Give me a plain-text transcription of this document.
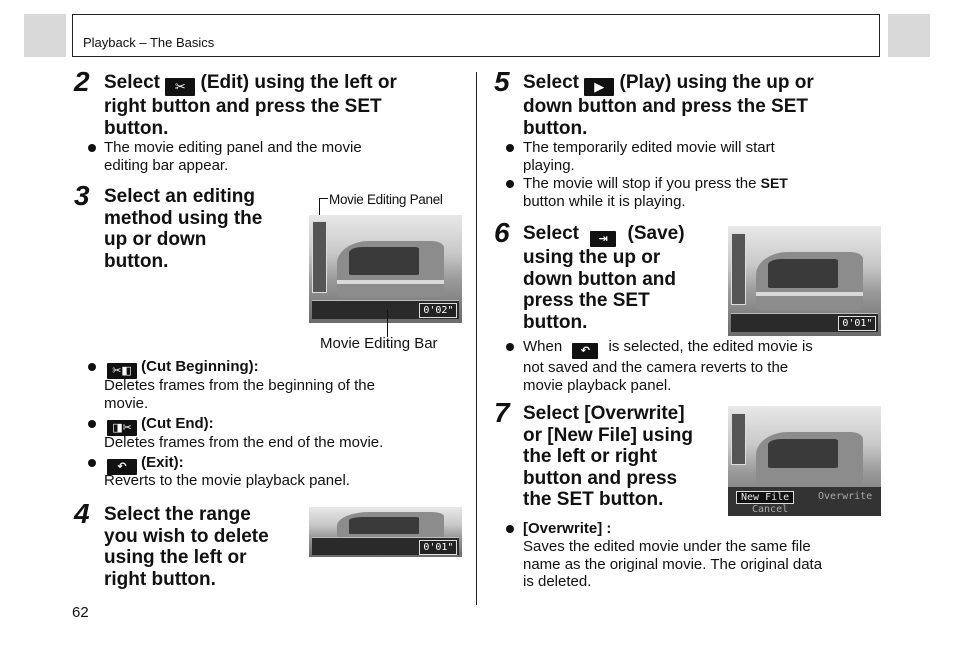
Playback – The Basics
2 Select ✂ (Edit) using the left or
right button and press the SET
button.
The movie editing panel and the movie
editing bar appear.
3 Select an editing
method using the
up or down
button.
Movie Editing Panel
0'02"
Movie Editing Bar
✂◧ (Cut Beginning):
Deletes frames from the beginning of the
movie.
◨✂ (Cut End):
Deletes frames from the end of the movie.
↶ (Exit):
Reverts to the movie playback panel.
4 Select the range
you wish to delete
using the left or
right button.
0'01"
62
5 Select ▶ (Play) using the up or
down button and press the SET
button.
The temporarily edited movie will start
playing.
The movie will stop if you press the SET
button while it is playing.
6 Select ⇥ (Save)
using the up or
down button and
press the SET
button.	0'01"
When ↶ is selected, the edited movie is
not saved and the camera reverts to the
movie playback panel.
7 Select [Overwrite]
or [New File] using
the left or right
button and press
the SET button.	New File	Overwrite
Cancel
[Overwrite] :
Saves the edited movie under the same file
name as the original movie. The original data
is deleted.
